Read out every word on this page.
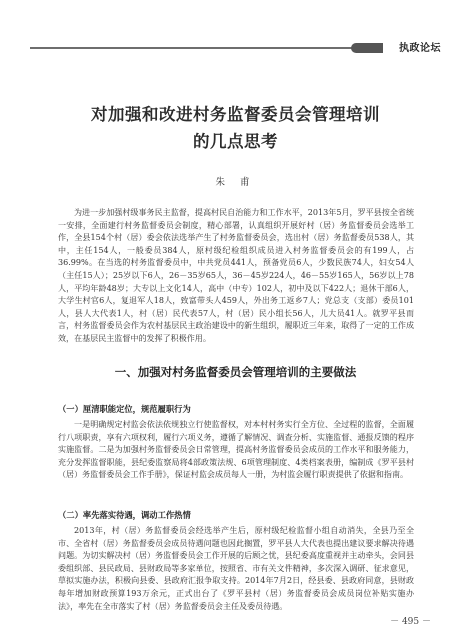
执政论坛
对加强和改进村务监督委员会管理培训
的几点思考
朱 甫

为进一步加强村级事务民主监督，提高村民自治能力和工作水平，2013年5月，罗平县按全省统一安排，全面建行村务监督委员会制度，精心部署，认真组织开展好村（居）务监督委员会选举工作，全县154个村（居）委会依法选举产生了村务监督委员会，选出村（居）务监督委员538人，其中，主任154人，一般委员384人，原村级纪检组织成员进入村务监督委员会的有199人，占36.99%。在当选的村务监督委员中，中共党员441人，预备党员6人，少数民族74人，妇女54人（主任15人）；25岁以下6人，26－35岁65人，36－45岁224人，46－55岁165人，56岁以上78人，平均年龄48岁；大专以上文化14人，高中（中专）102人，初中及以下422人；退休干部6人，大学生村官6人，复退军人18人，致富带头人459人，外出务工返乡7人；党总支（支部）委员101人，县人大代表1人，村（居）民代表57人，村（居）民小组长56人，儿大员41人。就罗平县而言，村务监督委员会作为农村基层民主政治建设中的新生组织，履职近三年来，取得了一定的工作成效，在基层民主监督中的发挥了积极作用。

一、加强对村务监督委员会管理培训的主要做法
（一）厘清职能定位，规范履职行为

一是明确规定村监会依法依规独立行使监督权，对本村村务实行全方位、全过程的监督，全面履行八项职责，享有六项权利，履行六项义务，遵循了解情况、调查分析、实施监督、通报反馈的程序实施监督。二是为加强村务监督委员会日常管理，提高村务监督委员会成员的工作水平和服务能力，充分发挥监督职能，县纪委监察局将4部政策法规、6项管理制度、4类档案表册，编制成《罗平县村（居）务监督委员会工作手册》，保证村监会成员每人一册，为村监会履行职责提供了依据和指南。

（二）率先落实待遇，调动工作热情

2013年，村（居）务监督委员会经选举产生后，原村级纪检监督小组自动消失，全县乃至全市、全省村（居）务监督委员会成员待遇问题也因此搁置，罗平县人大代表也提出建议要求解决待遇问题。为切实解决村（居）务监督委员会工作开展的后顾之忧，县纪委高度重视并主动牵头，会同县委组织部、县民政局、县财政局等多家单位，按照省、市有关文件精神，多次深入调研、征求意见，草拟实施办法，积极向县委、县政府汇报争取支持。2014年7月2日，经县委、县政府同意，县财政每年增加财政预算193万余元，正式出台了《罗平县村（居）务监督委员会成员岗位补贴实施办法》，率先在全市落实了村（居）务监督委员会主任及委员待遇。

－ 495 －
